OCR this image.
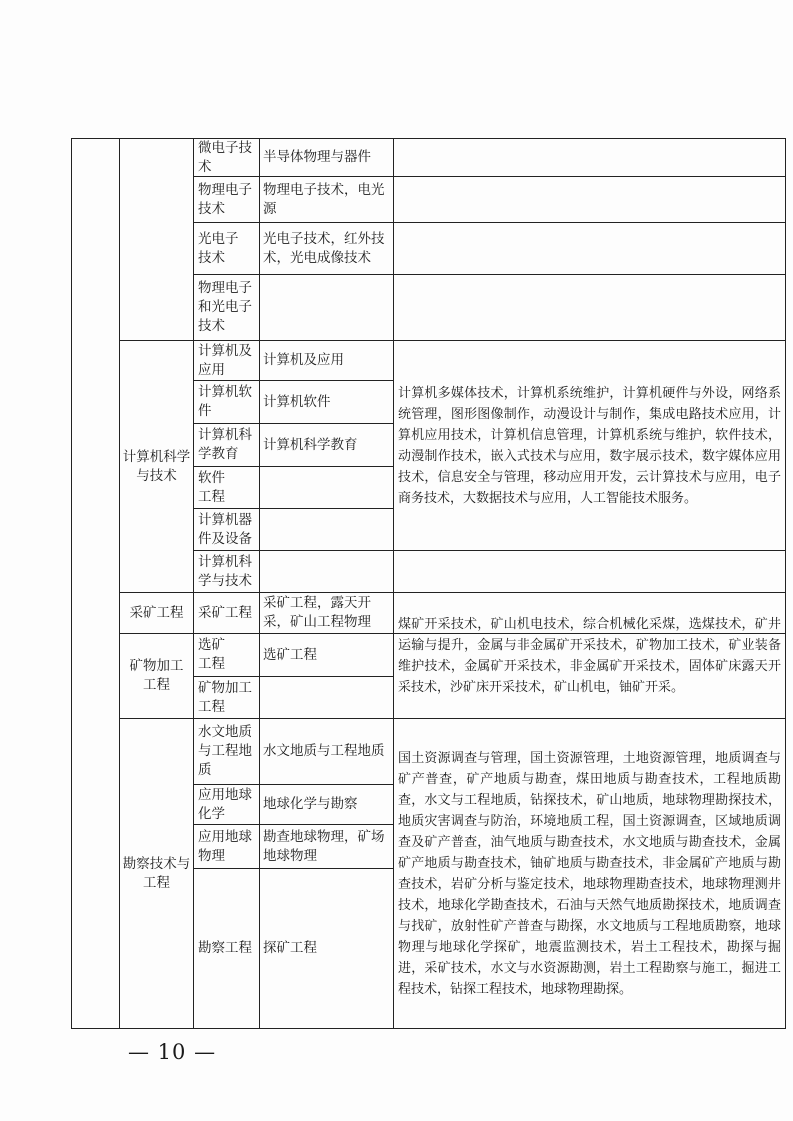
微电子技术
物理电子技术
光电子技术
物理电子和光电子技术
计算机及应用
计算机软件
计算机科学教育
软件工程
计算机器件及设备
计算机科学与技术
采矿工程
选矿工程
矿物加工工程
水文地质与工程地质
应用地球化学
应用地球物理
勘察工程
半导体物理与器件
物理电子技术，电光源
光电子技术，红外技术，光电成像技术
计算机及应用
计算机软件
计算机科学教育
采矿工程，露天开采，矿山工程物理
选矿工程
水文地质与工程地质
地球化学与勘察
勘查地球物理，矿场地球物理
探矿工程
计算机科学与技术
采矿工程
矿物加工工程
勘察技术与工程
计算机多媒体技术，计算机系统维护，计算机硬件与外设，网络系统管理，图形图像制作，动漫设计与制作，集成电路技术应用，计算机应用技术，计算机信息管理，计算机系统与维护，软件技术，动漫制作技术，嵌入式技术与应用，数字展示技术，数字媒体应用技术，信息安全与管理，移动应用开发，云计算技术与应用，电子商务技术，大数据技术与应用，人工智能技术服务。
煤矿开采技术，矿山机电技术，综合机械化采煤，选煤技术，矿井运输与提升，金属与非金属矿开采技术，矿物加工技术，矿业装备维护技术，金属矿开采技术，非金属矿开采技术，固体矿床露天开采技术，沙矿床开采技术，矿山机电，铀矿开采。
国土资源调查与管理，国土资源管理，土地资源管理，地质调查与矿产普查，矿产地质与勘查，煤田地质与勘查技术，工程地质勘查，水文与工程地质，钻探技术，矿山地质，地球物理勘探技术，地质灾害调查与防治，环境地质工程，国土资源调查，区域地质调查及矿产普查，油气地质与勘查技术，水文地质与勘查技术，金属矿产地质与勘查技术，铀矿地质与勘查技术，非金属矿产地质与勘查技术，岩矿分析与鉴定技术，地球物理勘查技术，地球物理测井技术，地球化学勘查技术，石油与天然气地质勘探技术，地质调查与找矿，放射性矿产普查与勘探，水文地质与工程地质勘察，地球物理与地球化学探矿，地震监测技术，岩土工程技术，勘探与掘进，采矿技术，水文与水资源勘测，岩土工程勘察与施工，掘进工程技术，钻探工程技术，地球物理勘探。
— 10 —
